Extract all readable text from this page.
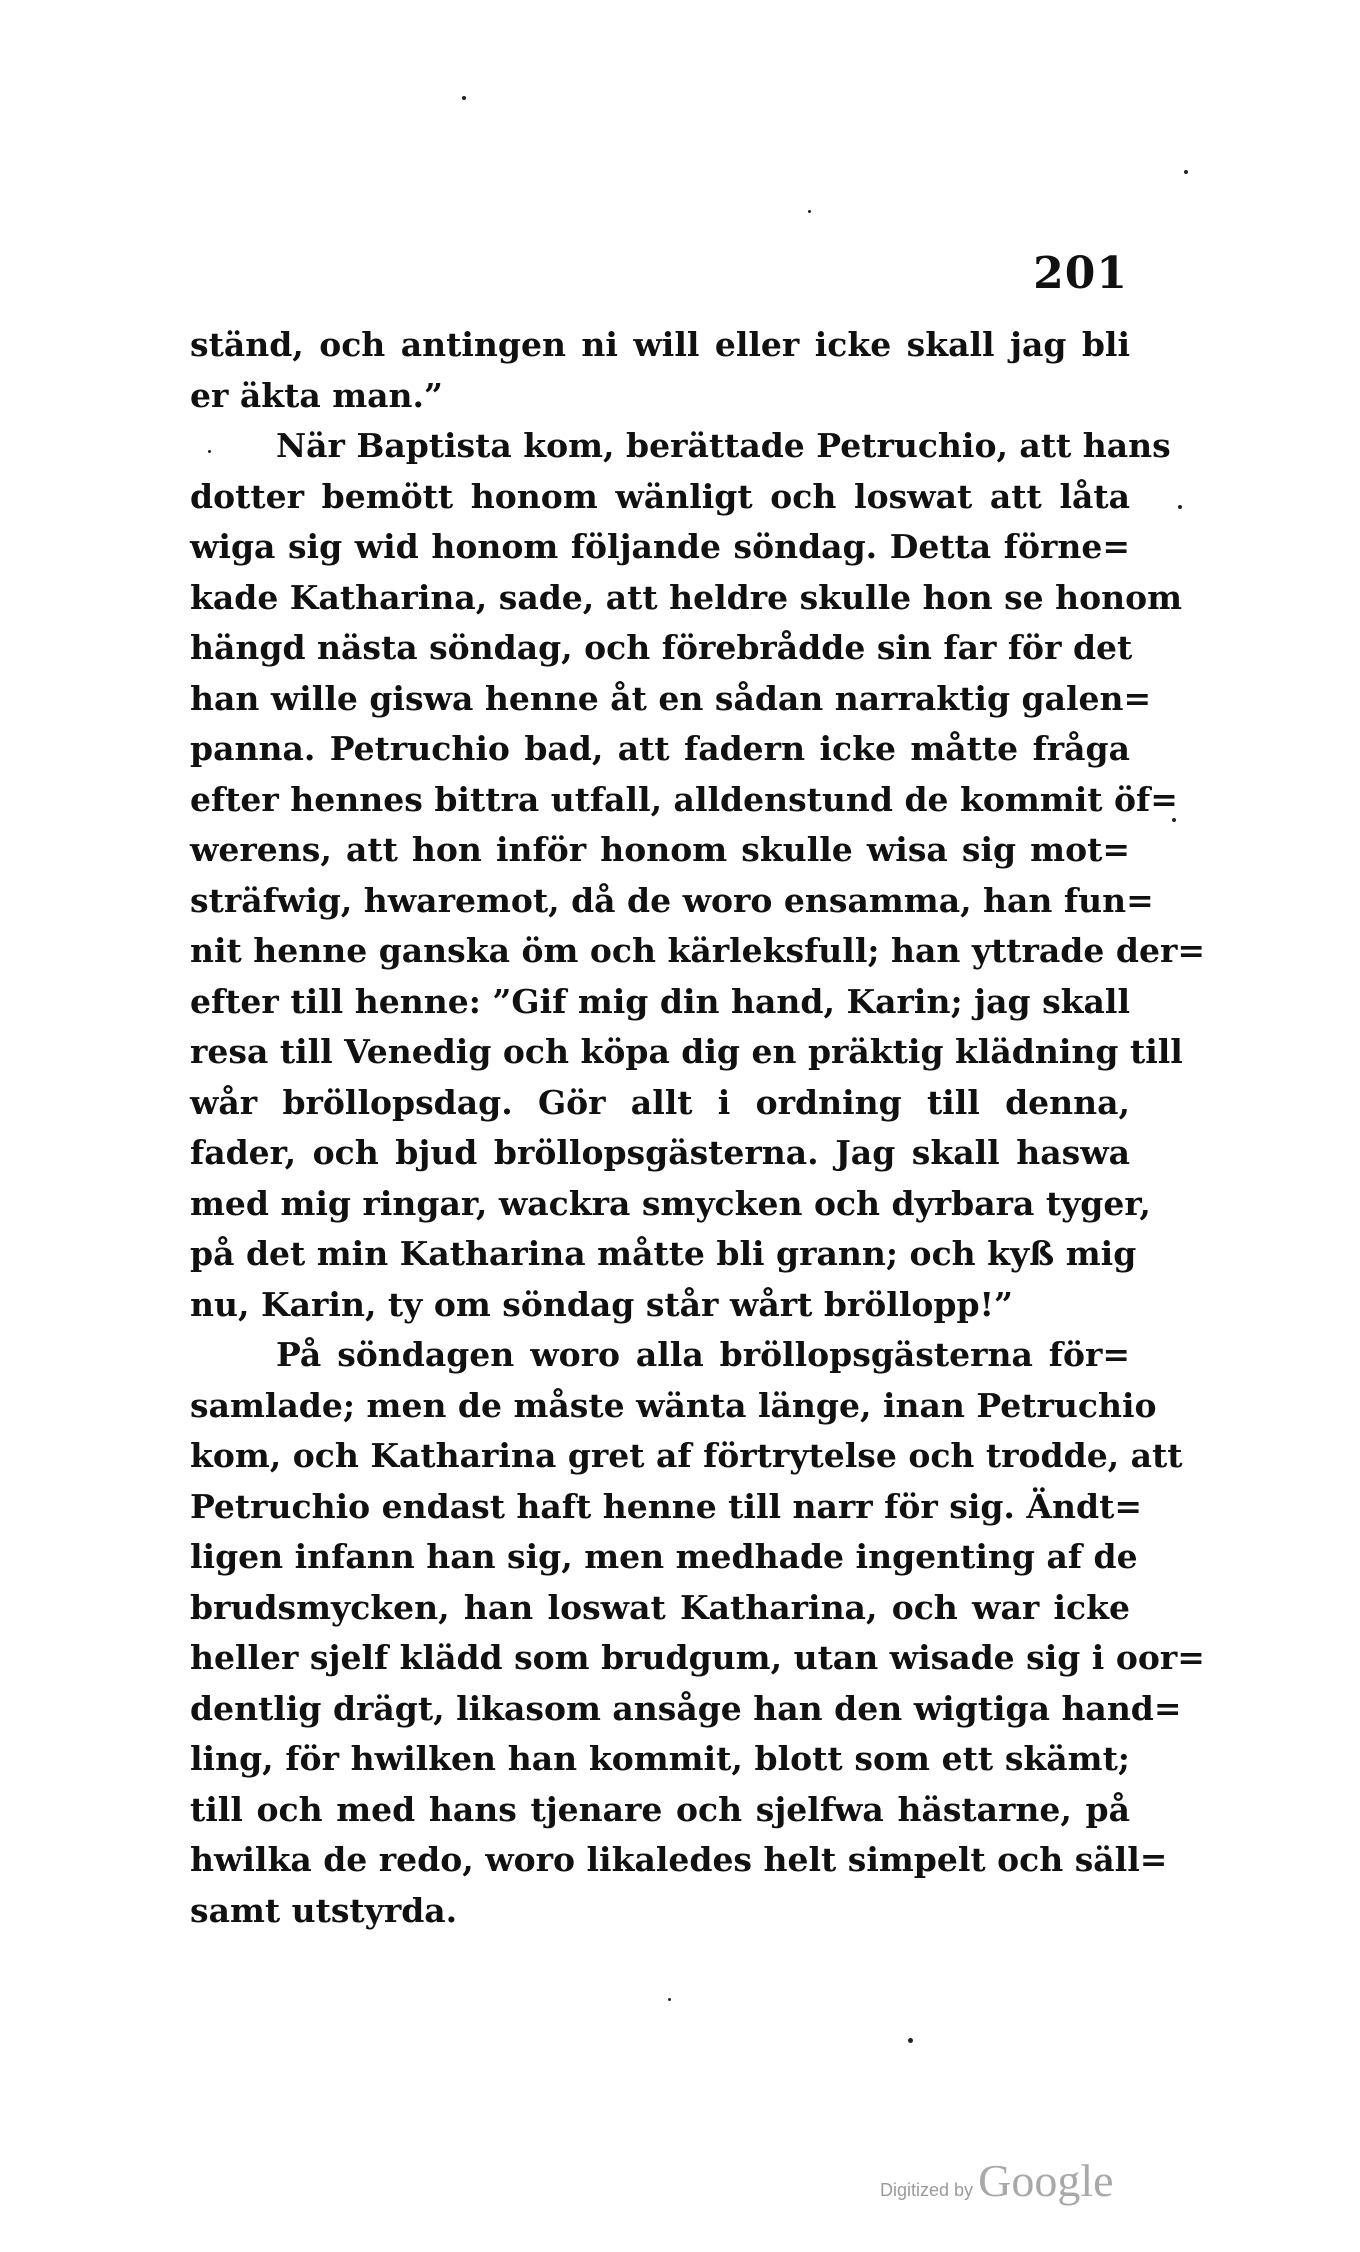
201
ständ, och antingen ni will eller icke skall jag bli
er äkta man.”
När Baptista kom, berättade Petruchio, att hans
dotter bemött honom wänligt och loswat att låta
wiga sig wid honom följande söndag. Detta förne=
kade Katharina, sade, att heldre skulle hon se honom
hängd nästa söndag, och förebrådde sin far för det
han wille giswa henne åt en sådan narraktig galen=
panna. Petruchio bad, att fadern icke måtte fråga
efter hennes bittra utfall, alldenstund de kommit öf=
werens, att hon inför honom skulle wisa sig mot=
sträfwig, hwaremot, då de woro ensamma, han fun=
nit henne ganska öm och kärleksfull; han yttrade der=
efter till henne: ”Gif mig din hand, Karin; jag skall
resa till Venedig och köpa dig en präktig klädning till
wår bröllopsdag. Gör allt i ordning till denna,
fader, och bjud bröllopsgästerna. Jag skall haswa
med mig ringar, wackra smycken och dyrbara tyger,
på det min Katharina måtte bli grann; och kyß mig
nu, Karin, ty om söndag står wårt bröllopp!”
På söndagen woro alla bröllopsgästerna för=
samlade; men de måste wänta länge, inan Petruchio
kom, och Katharina gret af förtrytelse och trodde, att
Petruchio endast haft henne till narr för sig. Ändt=
ligen infann han sig, men medhade ingenting af de
brudsmycken, han loswat Katharina, och war icke
heller sjelf klädd som brudgum, utan wisade sig i oor=
dentlig drägt, likasom ansåge han den wigtiga hand=
ling, för hwilken han kommit, blott som ett skämt;
till och med hans tjenare och sjelfwa hästarne, på
hwilka de redo, woro likaledes helt simpelt och säll=
samt utstyrda.
Digitized by Google
